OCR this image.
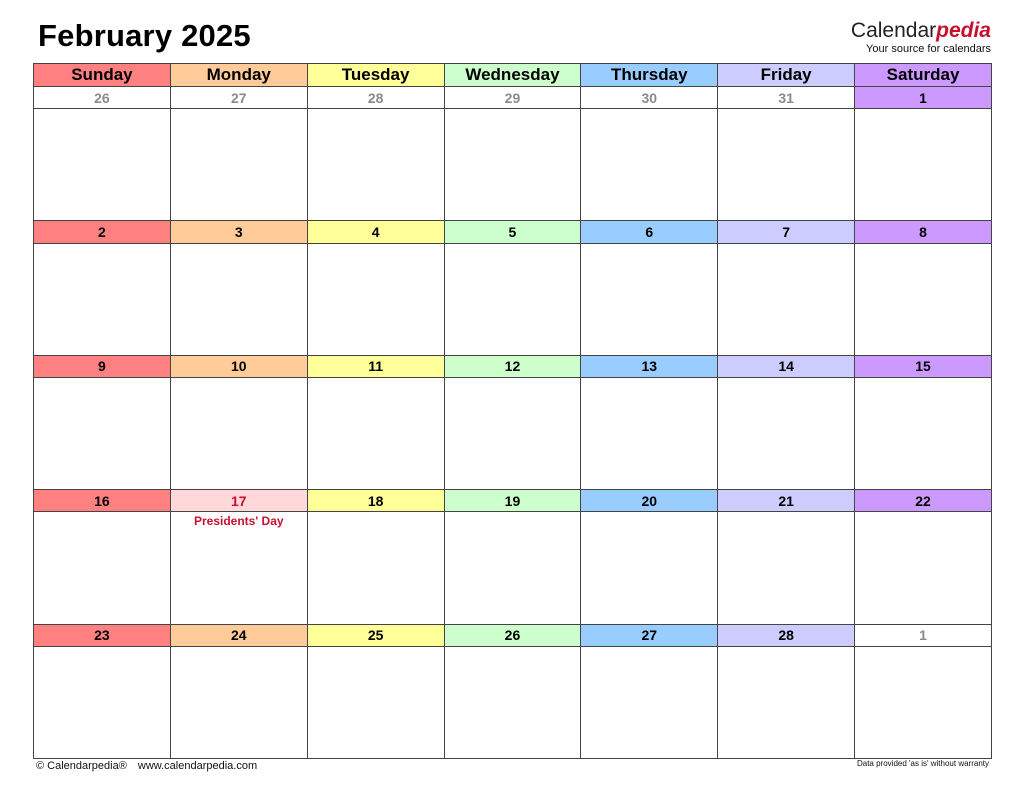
February 2025	Calendarpedia
Your source for calendars
Sunday	Monday	Tuesday	Wednesday	Thursday	Friday	Saturday
26	27	28	29	30	31	1

2	3	4	5	6	7	8

9	10	11	12	13	14	15

16	17	18	19	20	21	22

	Presidents' Day					

23	24	25	26	27	28	1

© Calendarpedia® www.calendarpedia.com	Data provided 'as is' without warranty
